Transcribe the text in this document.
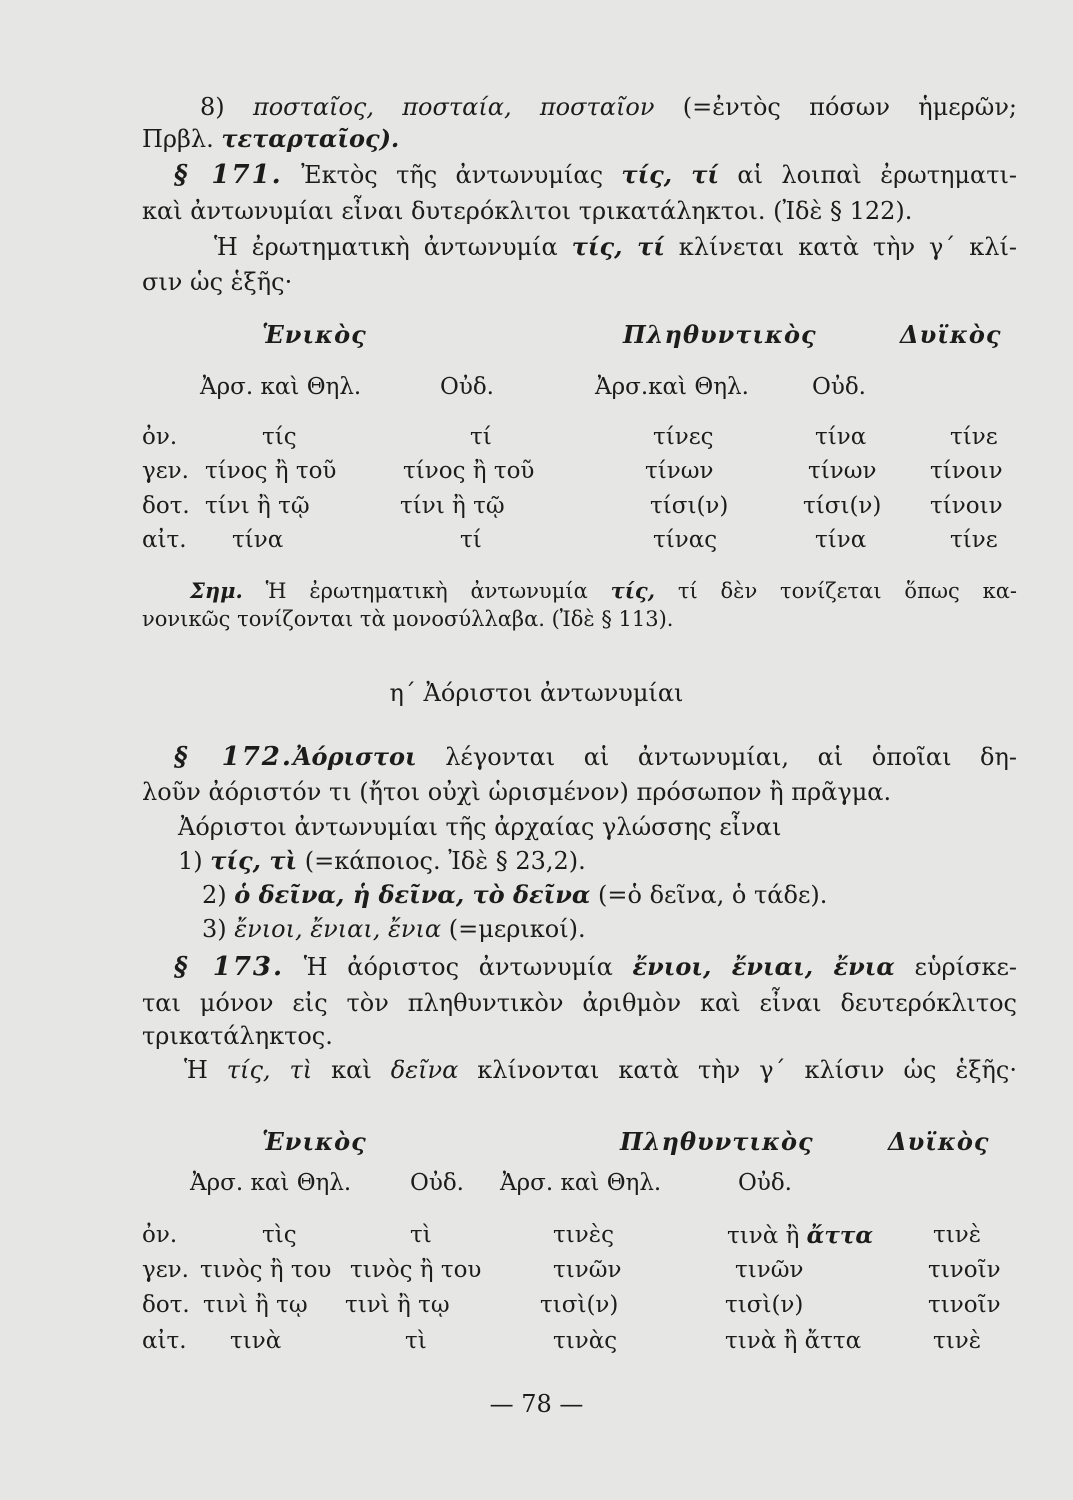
8) ποσταῖος, ποσταία, ποσταῖον (=ἐντὸς πόσων ἡμερῶν;
Πρβλ. τεταρταῖος).
§ 171. Ἐκτὸς τῆς ἀντωνυμίας τίς, τί αἱ λοιπαὶ ἐρωτηματι-
καὶ ἀντωνυμίαι εἶναι δυτερόκλιτοι τρικατάληκτοι. (Ἰδὲ § 122).
Ἡ ἐρωτηματικὴ ἀντωνυμία τίς, τί κλίνεται κατὰ τὴν γ΄ κλί-
σιν ὡς ἑξῆς·
Ἑνικὸς	Πληθυντικὸς	Δυϊκὸς
Ἀρσ. καὶ Θηλ.	Οὐδ.	Ἀρσ.καὶ Θηλ.	Οὐδ.
ὀν.	τίς	τί	τίνες	τίνα	τίνε
γεν. τίνος ἢ τοῦ	τίνος ἢ τοῦ	τίνων	τίνων τίνοιν
δοτ. τίνι ἢ τῷ	τίνι ἢ τῷ	τίσι(ν)	τίσι(ν) τίνοιν
αἰτ. τίνα	τί	τίνας	τίνα	τίνε
Σημ. Ἡ ἐρωτηματικὴ ἀντωνυμία τίς, τί δὲν τονίζεται ὅπως κα-
νονικῶς τονίζονται τὰ μονοσύλλαβα. (Ἰδὲ § 113).
η΄ Ἀόριστοι ἀντωνυμίαι
§ 172.Ἀόριστοι λέγονται αἱ ἀντωνυμίαι, αἱ ὁποῖαι δη-
λοῦν ἀόριστόν τι (ἤτοι οὐχὶ ὡρισμένον) πρόσωπον ἢ πρᾶγμα.
Ἀόριστοι ἀντωνυμίαι τῆς ἀρχαίας γλώσσης εἶναι
1) τίς, τὶ (=κάποιος. Ἰδὲ § 23,2).
2) ὁ δεῖνα, ἡ δεῖνα, τὸ δεῖνα (=ὁ δεῖνα, ὁ τάδε).
3) ἔνιοι, ἔνιαι, ἔνια (=μερικοί).
§ 173. Ἡ ἀόριστος ἀντωνυμία ἔνιοι, ἔνιαι, ἔνια εὑρίσκε-
ται μόνον εἰς τὸν πληθυντικὸν ἀριθμὸν καὶ εἶναι δευτερόκλιτος
τρικατάληκτος.
Ἡ τίς, τὶ καὶ δεῖνα κλίνονται κατὰ τὴν γ΄ κλίσιν ὡς ἑξῆς·
Ἑνικὸς	Πληθυντικὸς	Δυϊκὸς
Ἀρσ. καὶ Θηλ.	Οὐδ. Ἀρσ. καὶ Θηλ.	Οὐδ.
ὀν.	τὶς	τὶ	τινὲς	τινὰ ἢ ἄττα	τινὲ
γεν. τινὸς ἢ του τινὸς ἢ του	τινῶν	τινῶν	τινοῖν
δοτ. τινὶ ἢ τῳ τινὶ ἢ τῳ	τισὶ(ν)	τισὶ(ν)	τινοῖν
αἰτ. τινὰ	τὶ	τινὰς	τινὰ ἢ ἄττα	τινὲ
— 78 —
